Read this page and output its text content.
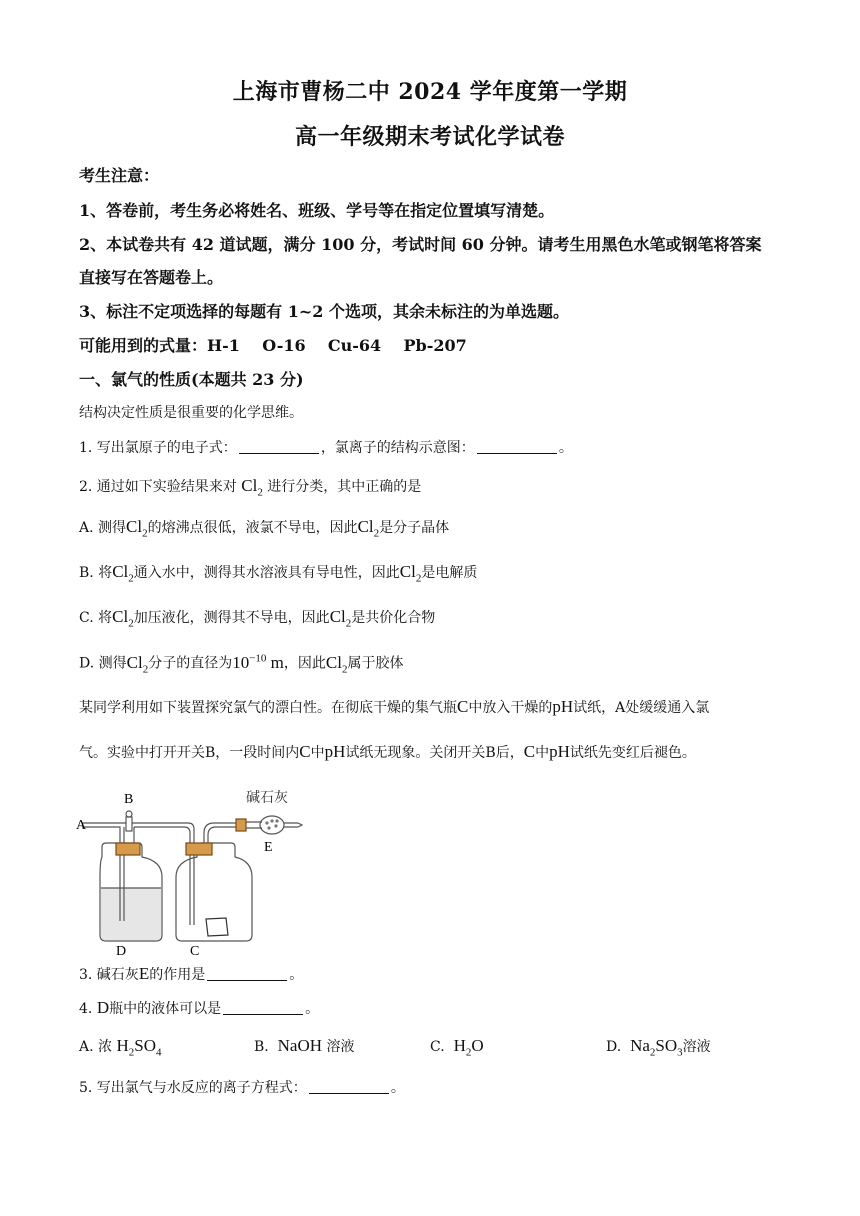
上海市曹杨二中 2024 学年度第一学期
高一年级期末考试化学试卷
考生注意：
1、答卷前，考生务必将姓名、班级、学号等在指定位置填写清楚。
2、本试卷共有 42 道试题，满分 100 分，考试时间 60 分钟。请考生用黑色水笔或钢笔将答案
直接写在答题卷上。
3、标注不定项选择的每题有 1~2 个选项，其余未标注的为单选题。
可能用到的式量：H-1 O-16 Cu-64 Pb-207
一、氯气的性质(本题共 23 分)
结构决定性质是很重要的化学思维。
1. 写出氯原子的电子式：	，氯离子的结构示意图：	。
2. 通过如下实验结果来对 $Cl_2$ 进行分类，其中正确的是
A. 测得$Cl_2$的熔沸点很低，液氯不导电，因此$Cl_2$是分子晶体
B. 将$Cl_2$通入水中，测得其水溶液具有导电性，因此$Cl_2$是电解质
C. 将$Cl_2$加压液化，测得其不导电，因此$Cl_2$是共价化合物
D. 测得$Cl_2$分子的直径为$10^{-10}$ m，因此$Cl_2$属于胶体
某同学利用如下装置探究氯气的漂白性。在彻底干燥的集气瓶C中放入干燥的pH试纸，A处缓缓通入氯
气。实验中打开开关B，一段时间内C中pH试纸无现象。关闭开关B后，C中pH试纸先变红后褪色。
A
B
C
D
E
碱石灰
3. 碱石灰E的作用是	。
4. D瓶中的液体可以是	。
A. 浓 $H_2SO_4$	B. NaOH 溶液	C. $H_2O$	D. $Na_2SO_3$溶液
5. 写出氯气与水反应的离子方程式：	。
